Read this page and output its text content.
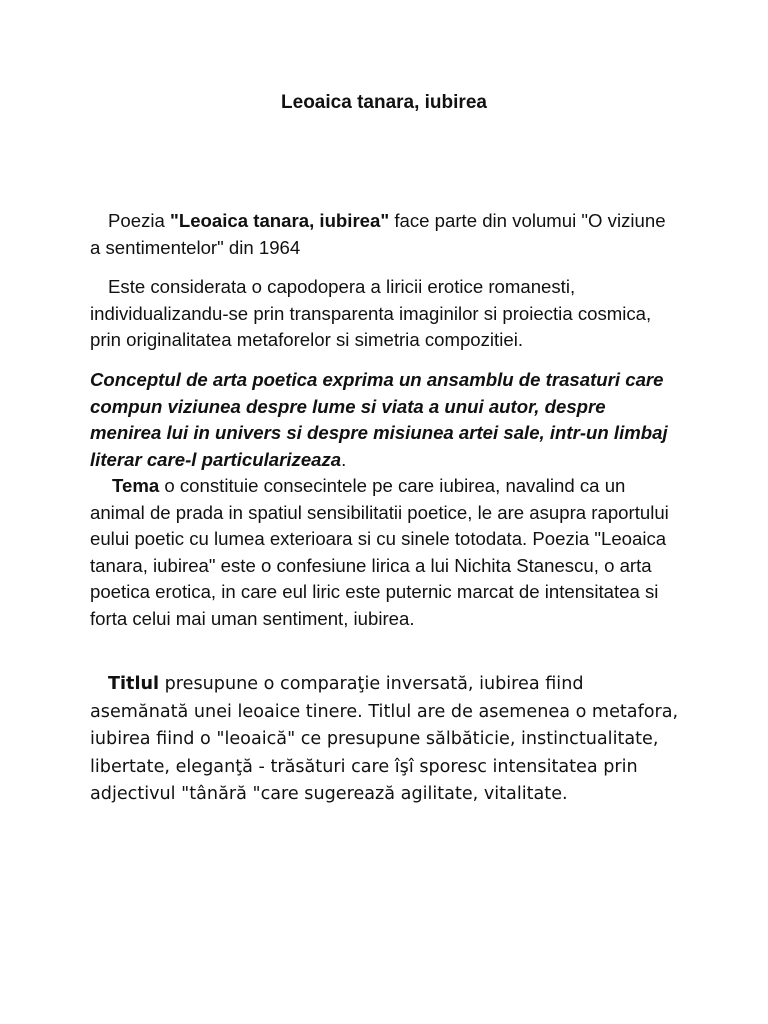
Leoaica tanara, iubirea

Poezia "Leoaica tanara, iubirea" face parte din volumui "O viziune a sentimentelor" din 1964

Este considerata o capodopera a liricii erotice romanesti, individualizandu-se prin transparenta imaginilor si proiectia cosmica, prin originalitatea metaforelor si simetria compozitiei.

Conceptul de arta poetica exprima un ansamblu de trasaturi care compun viziunea despre lume si viata a unui autor, despre menirea lui in univers si despre misiunea artei sale, intr-un limbaj literar care-l particularizeaza.

Tema o constituie consecintele pe care iubirea, navalind ca un animal de prada in spatiul sensibilitatii poetice, le are asupra raportului eului poetic cu lumea exterioara si cu sinele totodata. Poezia "Leoaica tanara, iubirea" este o confesiune lirica a lui Nichita Stanescu, o arta poetica erotica, in care eul liric este puternic marcat de intensitatea si forta celui mai uman sentiment, iubirea.

Titlul presupune o comparaţie inversată, iubirea fiind asemănată unei leoaice tinere. Titlul are de asemenea o metafora, iubirea fiind o "leoaică" ce presupune sălbăticie, instinctualitate, libertate, eleganţă - trăsături care îşî sporesc intensitatea prin adjectivul "tânără "care sugerează agilitate, vitalitate.
